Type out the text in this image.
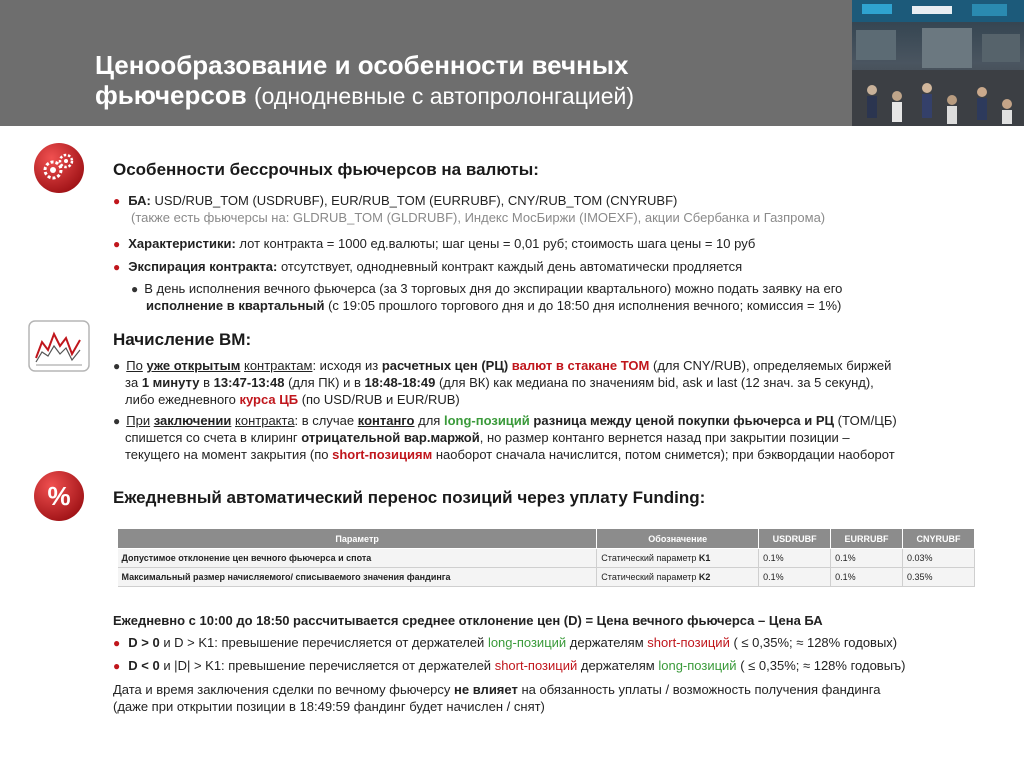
Ценообразование и особенности вечных
фьючерсов (однодневные с автопролонгацией)
Особенности бессрочных фьючерсов на валюты:
● БА: USD/RUB_TOM (USDRUBF), EUR/RUB_TOM (EURRUBF), CNY/RUB_TOM (CNYRUBF)
(также есть фьючерсы на: GLDRUB_TOM (GLDRUBF), Индекс МосБиржи (IMOEXF), акции Сбербанка и Газпрома)
● Характеристики: лот контракта = 1000 ед.валюты; шаг цены = 0,01 руб; стоимость шага цены = 10 руб
● Экспирация контракта: отсутствует, однодневный контракт каждый день автоматически продляется
● В день исполнения вечного фьючерса (за 3 торговых дня до экспирации квартального) можно подать заявку на его
исполнение в квартальный (с 19:05 прошлого торгового дня и до 18:50 дня исполнения вечного; комиссия = 1%)
Начисление ВМ:
● По уже открытым контрактам: исходя из расчетных цен (РЦ) валют в стакане TOM (для CNY/RUB), определяемых биржей
за 1 минуту в 13:47-13:48 (для ПК) и в 18:48-18:49 (для ВК) как медиана по значениям bid, ask и last (12 знач. за 5 секунд),
либо ежедневного курса ЦБ (по USD/RUB и EUR/RUB)
● При заключении контракта: в случае контанго для long-позиций разница между ценой покупки фьючерса и РЦ (TOM/ЦБ)
спишется со счета в клиринг отрицательной вар.маржой, но размер контанго вернется назад при закрытии позиции –
текущего на момент закрытия (по short-позициям наоборот сначала начислится, потом снимется); при бэквордации наоборот
% Ежедневный автоматический перенос позиций через уплату Funding:
Параметр	Обозначение	USDRUBF	EURRUBF	CNYRUBF
Допустимое отклонение цен вечного фьючерса и спота	Статический параметр K1	0.1%	0.1%	0.03%
Максимальный размер начисляемого/ списываемого значения фандинга	Статический параметр K2	0.1%	0.1%	0.35%
Ежедневно с 10:00 до 18:50 рассчитывается среднее отклонение цен (D) = Цена вечного фьючерса – Цена БА
● D > 0 и D > K1: превышение перечисляется от держателей long-позиций держателям short-позиций ( ≤ 0,35%; ≈ 128% годовых)
● D < 0 и |D| > K1: превышение перечисляется от держателей short-позиций держателям long-позиций ( ≤ 0,35%; ≈ 128% годовыъ)
Дата и время заключения сделки по вечному фьючерсу не влияет на обязанность уплаты / возможность получения фандинга
(даже при открытии позиции в 18:49:59 фандинг будет начислен / снят)
